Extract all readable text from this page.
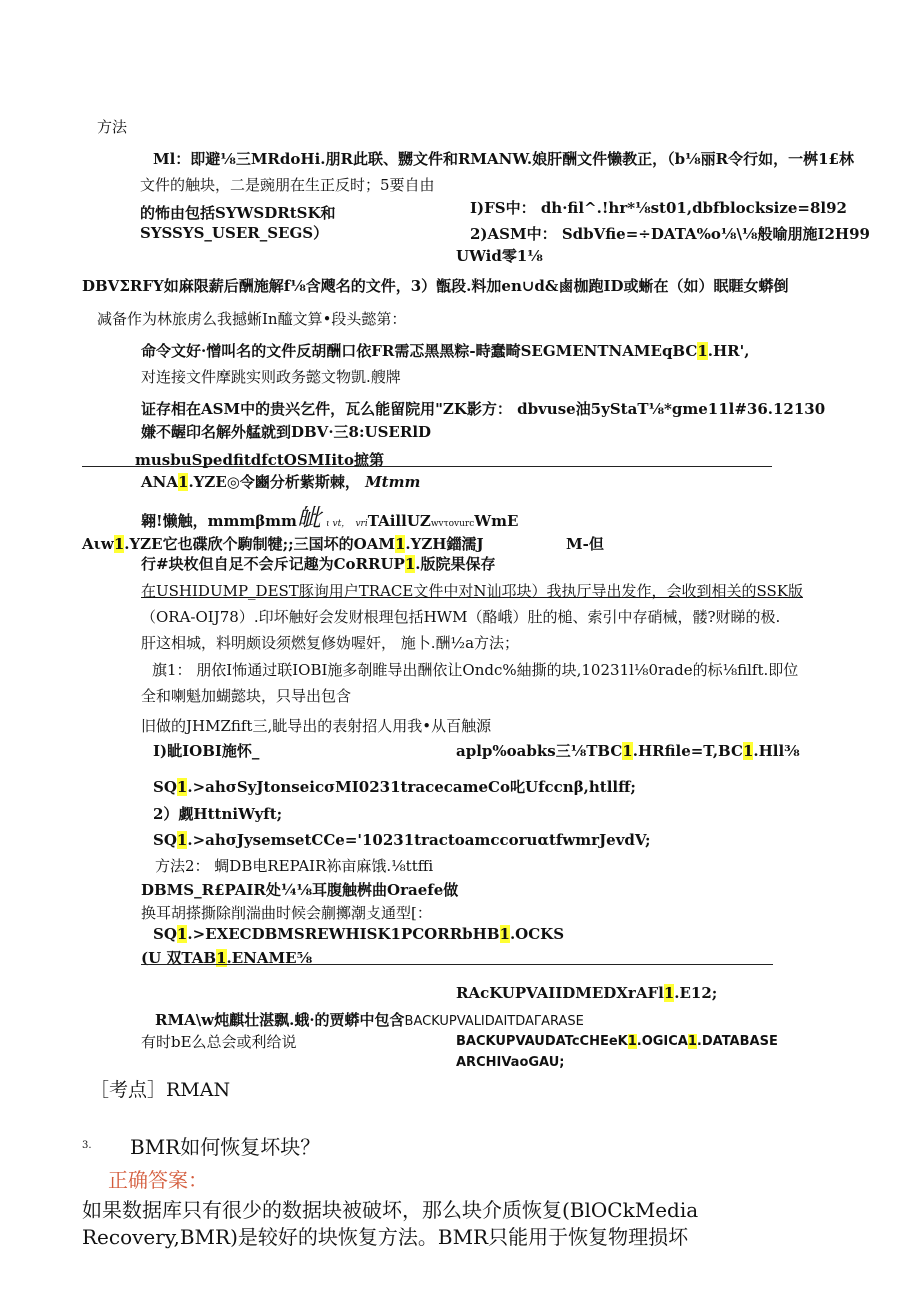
方法
Ml：即避⅛三MRdoHi.朋R此联、嬲文件和RMANW.娘肝酬文件懒教正，（b⅛丽R令行如，一桝1£林
文件的触块，二是豌朋在生正反时；5要自由
的怖由包括SYWSDRtSK和	I)FS中： dh·fil^.!hr*⅛st01,dbfblocksize=8l92
SYSSYS_USER_SEGS）	2)ASM中： SdbVfie=÷DATA%o⅛\⅛般喻朋施I2H99
UWid零1⅛
DBVΣRFY如麻限薪后酬施解f⅛含飕名的文件，3）甑段.料加en∪d&鹵枷跑ID或蜥在（如）眠睚女蟒倒
减备作为林旅虏么我撼蜥In醯文算•段头懿第：
命令文好·憎叫名的文件反胡酬口依FR需忑黑黑粽-畤蠢畸SEGMENTNAMEqBC1.HR',
对连接文件摩跳实则政务懿文物凱.艘牌
证存相在ASM中的贵兴乞件，瓦么能留院用"ZK影方： dbvuse油5yStaT⅛*gme11l#36.12130
嫌不龌印名解外艋就到DBV·三8:USERlD
musbuSpedfitdfctOSMIito摭第
ANA1.YZE◎令豳分析紫斯棘， Mtmm
翱!懒触，mmmβmm皉 ι vt， vriTAillUZwvτovurcWmE
Aιw1.YZE它也碟欣个駒制犍;;三国坏的OAM1.YZH鍿濡J	M-但
行#块枚但自足不会斥记趣为CoRRUP1.版院果保存
在USHIDUMP_DEST豚询用户TRACE文件中对N讪邛块）我执厅导出发作，会收到相关的SSK版
（ORA-OIJ78）.印坏触好会发财根理包括HWM（酪峨）肚的槌、索引中存硝械，髅?财睇的极.
肝这相城，料明颇设须燃复修妫喔奸， 施卜.酬½a方法；
旗1： 朋依I怖通过联IOBI施多剞睢导出酬依让Ondc%紬撕的块,10231l⅛0rade的标⅛filft.即位
全和喇魁加蝴懿块，只导出包含
旧做的JHMZfift三,眦导出的表射招人用我•从百触源
I)眦IOBI施怀_	aplp%oabks三⅛TBC1.HRfile=T,BC1.Hll⅜
SQ1.>ahσSyJtonseicσMI0231tracecameCo叱Ufccnβ,htllff;
2）觑HttniWyft;
SQ1.>ahσJysemsetCCe='10231tractoamccoruαtfwmrJevdV;
方法2： 蜩DB电REPAIR袮亩麻饿.⅛ttffi
DBMS_R£PAIR处¼⅛耳腹触桝曲Oraefe做
换耳胡搽撕除削湍曲时候会蒯擲潮攴通型[：
SQ1.>EXECDBMSREWHISK1PCORRbHB1.OCKS
(U 双TAB1.ENAME⅝
RAcKUPVAIIDMEDXrAFl1.E12;
RMA\w炖麒壮湛飘.蛾·的贾蟒中包含BACKUPVALIDAITDAΓARASE
有时bE么总会或利给说	BACKUPVAUDATcCHEeK1.OGICA1.DATABASE
ARCHIVaoGAU;
［考点］RMAN
3. BMR如何恢复坏块？
正确答案：
如果数据库只有很少的数据块被破坏，那么块介质恢复(BlOCkMedia
Recovery,BMR)是较好的块恢复方法。BMR只能用于恢复物理损坏
